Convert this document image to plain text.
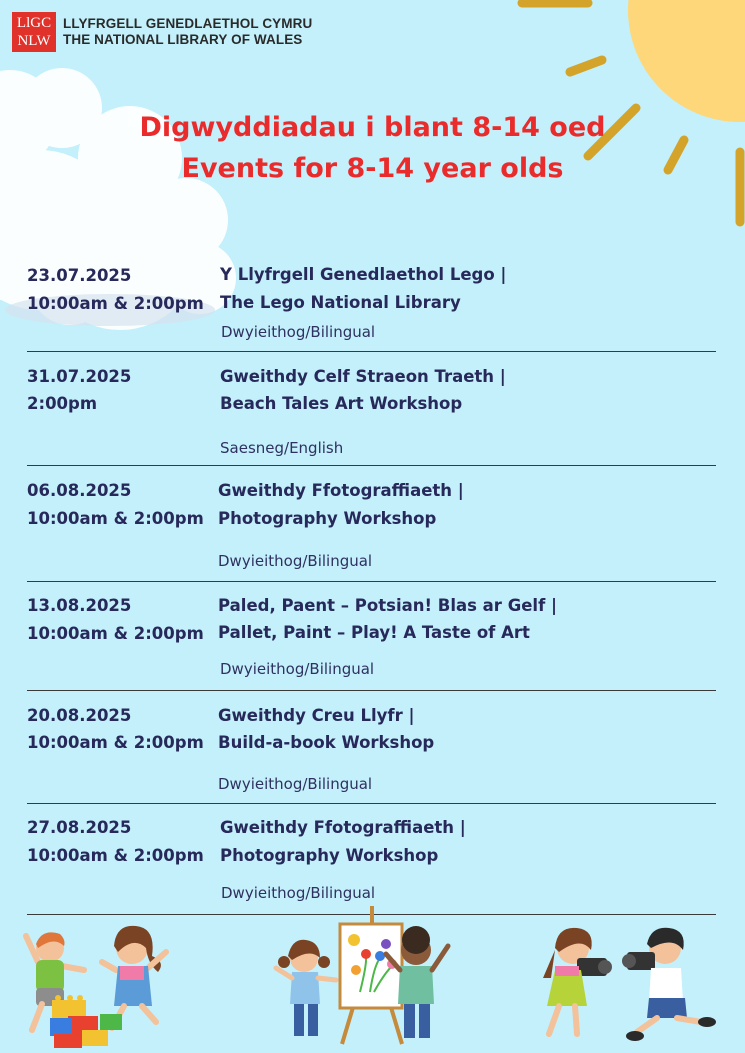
LlGC
NLW
LLYFRGELL GENEDLAETHOL CYMRU
THE NATIONAL LIBRARY OF WALES
Digwyddiadau i blant 8-14 oed
Events for 8-14 year olds
23.07.2025
10:00am & 2:00pm
Y Llyfrgell Genedlaethol Lego |
The Lego National Library
Dwyieithog/Bilingual
31.07.2025
2:00pm
Gweithdy Celf Straeon Traeth |
Beach Tales Art Workshop
Saesneg/English
06.08.2025
10:00am & 2:00pm
Gweithdy Ffotograffiaeth |
Photography Workshop
Dwyieithog/Bilingual
13.08.2025
10:00am & 2:00pm
Paled, Paent – Potsian! Blas ar Gelf |
Pallet, Paint – Play! A Taste of Art
Dwyieithog/Bilingual
20.08.2025
10:00am & 2:00pm
Gweithdy Creu Llyfr |
Build-a-book Workshop
Dwyieithog/Bilingual
27.08.2025
10:00am & 2:00pm
Gweithdy Ffotograffiaeth |
Photography Workshop
Dwyieithog/Bilingual
